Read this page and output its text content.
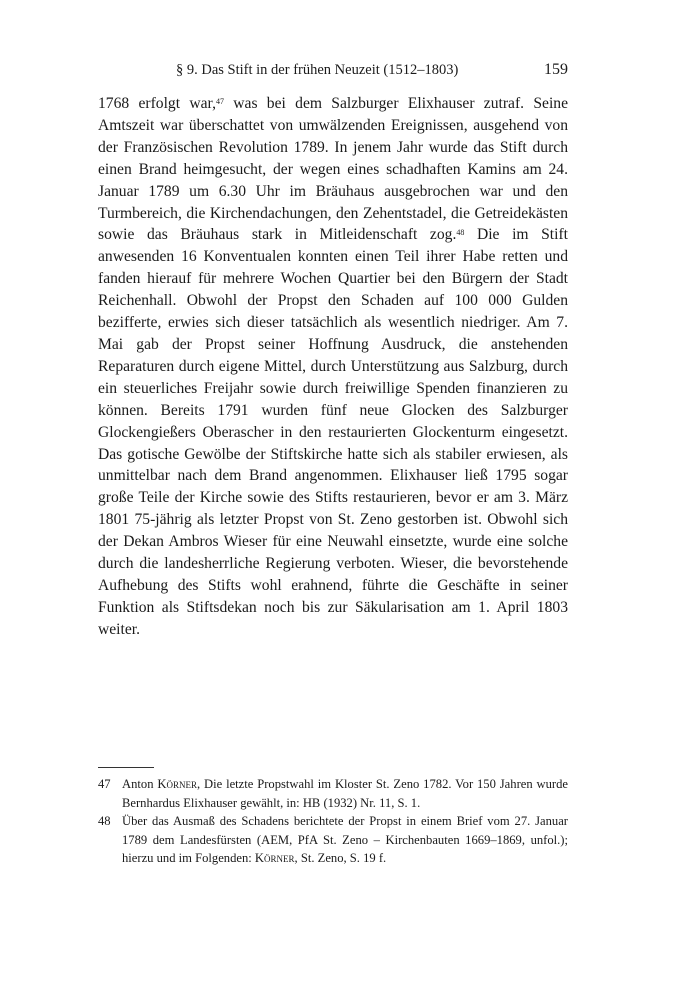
§ 9. Das Stift in der frühen Neuzeit (1512–1803)	159

1768 erfolgt war,$^{47}$ was bei dem Salzburger Elixhauser zutraf. Seine Amtszeit war überschattet von umwälzenden Ereignissen, ausgehend von der Französischen Revolution 1789. In jenem Jahr wurde das Stift durch einen Brand heimgesucht, der wegen eines schadhaften Kamins am 24. Januar 1789 um 6.30 Uhr im Bräuhaus ausgebrochen war und den Turmbereich, die Kirchendachungen, den Zehentstadel, die Getreidekästen sowie das Bräuhaus stark in Mitleidenschaft zog.$^{48}$ Die im Stift anwesenden 16 Konventualen konnten einen Teil ihrer Habe retten und fanden hierauf für mehrere Wochen Quartier bei den Bürgern der Stadt Reichenhall. Obwohl der Propst den Schaden auf 100 000 Gulden bezifferte, erwies sich dieser tatsächlich als wesentlich niedriger. Am 7. Mai gab der Propst seiner Hoffnung Ausdruck, die anstehenden Reparaturen durch eigene Mittel, durch Unterstützung aus Salzburg, durch ein steuerliches Freijahr sowie durch freiwillige Spenden finanzieren zu können. Bereits 1791 wurden fünf neue Glocken des Salzburger Glockengießers Oberascher in den restaurierten Glockenturm eingesetzt. Das gotische Gewölbe der Stiftskirche hatte sich als stabiler erwiesen, als unmittelbar nach dem Brand angenommen. Elixhauser ließ 1795 sogar große Teile der Kirche sowie des Stifts restaurieren, bevor er am 3. März 1801 75-jährig als letzter Propst von St. Zeno gestorben ist. Obwohl sich der Dekan Ambros Wieser für eine Neuwahl einsetzte, wurde eine solche durch die landesherrliche Regierung verboten. Wieser, die bevorstehende Aufhebung des Stifts wohl erahnend, führte die Geschäfte in seiner Funktion als Stiftsdekan noch bis zur Säkularisation am 1. April 1803 weiter.

47 Anton Körner, Die letzte Propstwahl im Kloster St. Zeno 1782. Vor 150 Jahren wurde Bernhardus Elixhauser gewählt, in: HB (1932) Nr. 11, S. 1.

48 Über das Ausmaß des Schadens berichtete der Propst in einem Brief vom 27. Januar 1789 dem Landesfürsten (AEM, PfA St. Zeno – Kirchenbauten 1669–1869, unfol.); hierzu und im Folgenden: Körner, St. Zeno, S. 19 f.
